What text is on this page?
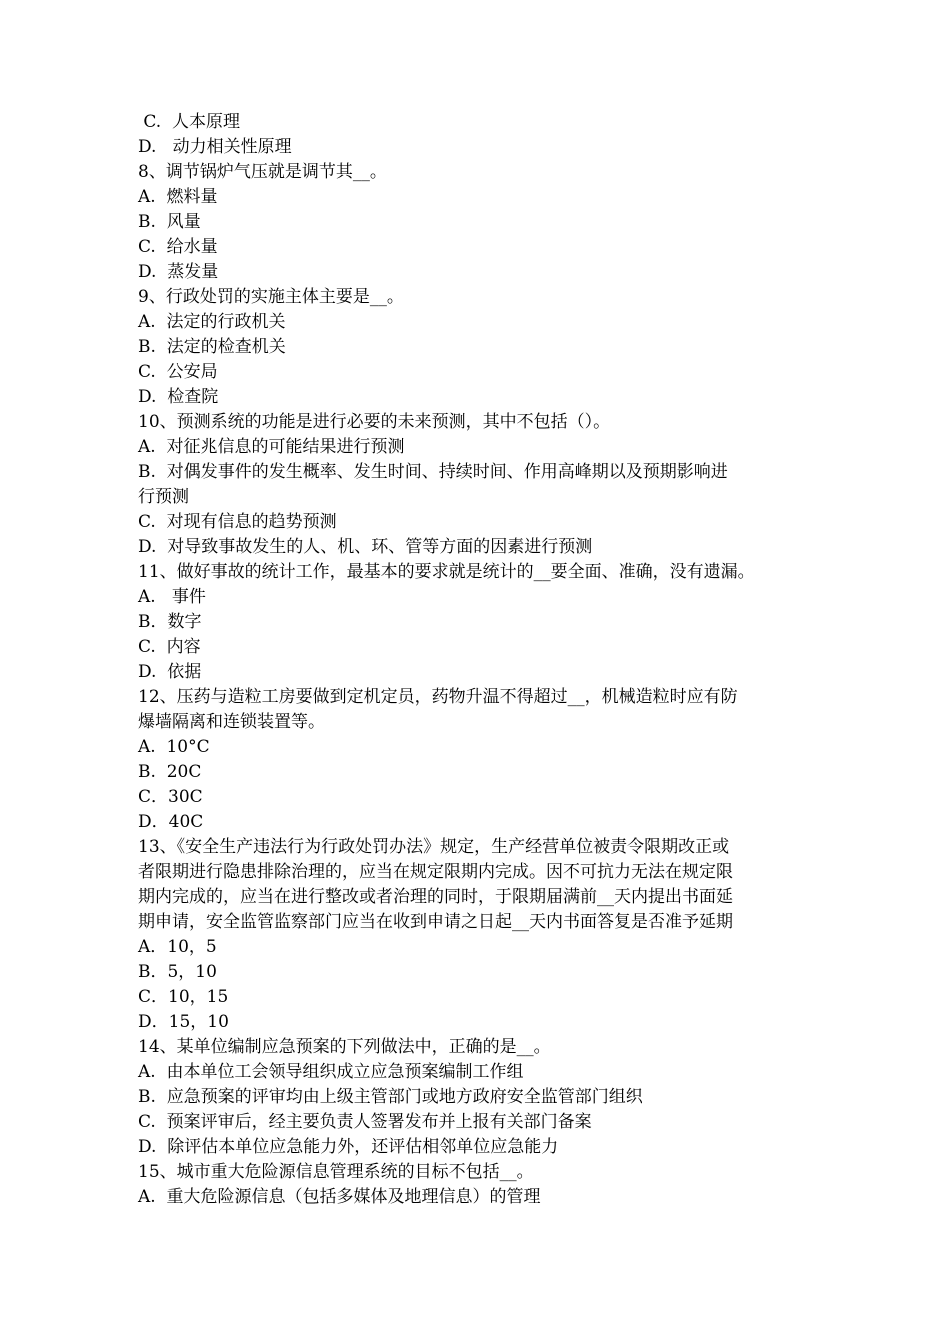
C.  人本原理
D.   动力相关性原理
8、调节锅炉气压就是调节其__。
A.  燃料量
B.  风量
C.  给水量
D.  蒸发量
9、行政处罚的实施主体主要是__。
A.  法定的行政机关
B.  法定的检查机关
C.  公安局
D.  检查院
10、预测系统的功能是进行必要的未来预测，其中不包括（）。
A.  对征兆信息的可能结果进行预测
B.  对偶发事件的发生概率、发生时间、持续时间、作用高峰期以及预期影响进
行预测
C.  对现有信息的趋势预测
D.  对导致事故发生的人、机、环、管等方面的因素进行预测
11、做好事故的统计工作，最基本的要求就是统计的__要全面、准确，没有遗漏。
A.   事件
B．数字
C.  内容
D.  依据
12、压药与造粒工房要做到定机定员，药物升温不得超过__，机械造粒时应有防
爆墙隔离和连锁装置等。
A.  10°C
B.  20C
C．30C
D．40C
13、《安全生产违法行为行政处罚办法》规定，生产经营单位被责令限期改正或
者限期进行隐患排除治理的，应当在规定限期内完成。因不可抗力无法在规定限
期内完成的，应当在进行整改或者治理的同时，于限期届满前__天内提出书面延
期申请，安全监管监察部门应当在收到申请之日起__天内书面答复是否准予延期
A．10，5
B．5，10
C．10，15
D．15，10
14、某单位编制应急预案的下列做法中，正确的是__。
A.  由本单位工会领导组织成立应急预案编制工作组
B.  应急预案的评审均由上级主管部门或地方政府安全监管部门组织
C.  预案评审后，经主要负责人签署发布并上报有关部门备案
D.  除评估本单位应急能力外，还评估相邻单位应急能力
15、城市重大危险源信息管理系统的目标不包括__。
A.  重大危险源信息（包括多媒体及地理信息）的管理
